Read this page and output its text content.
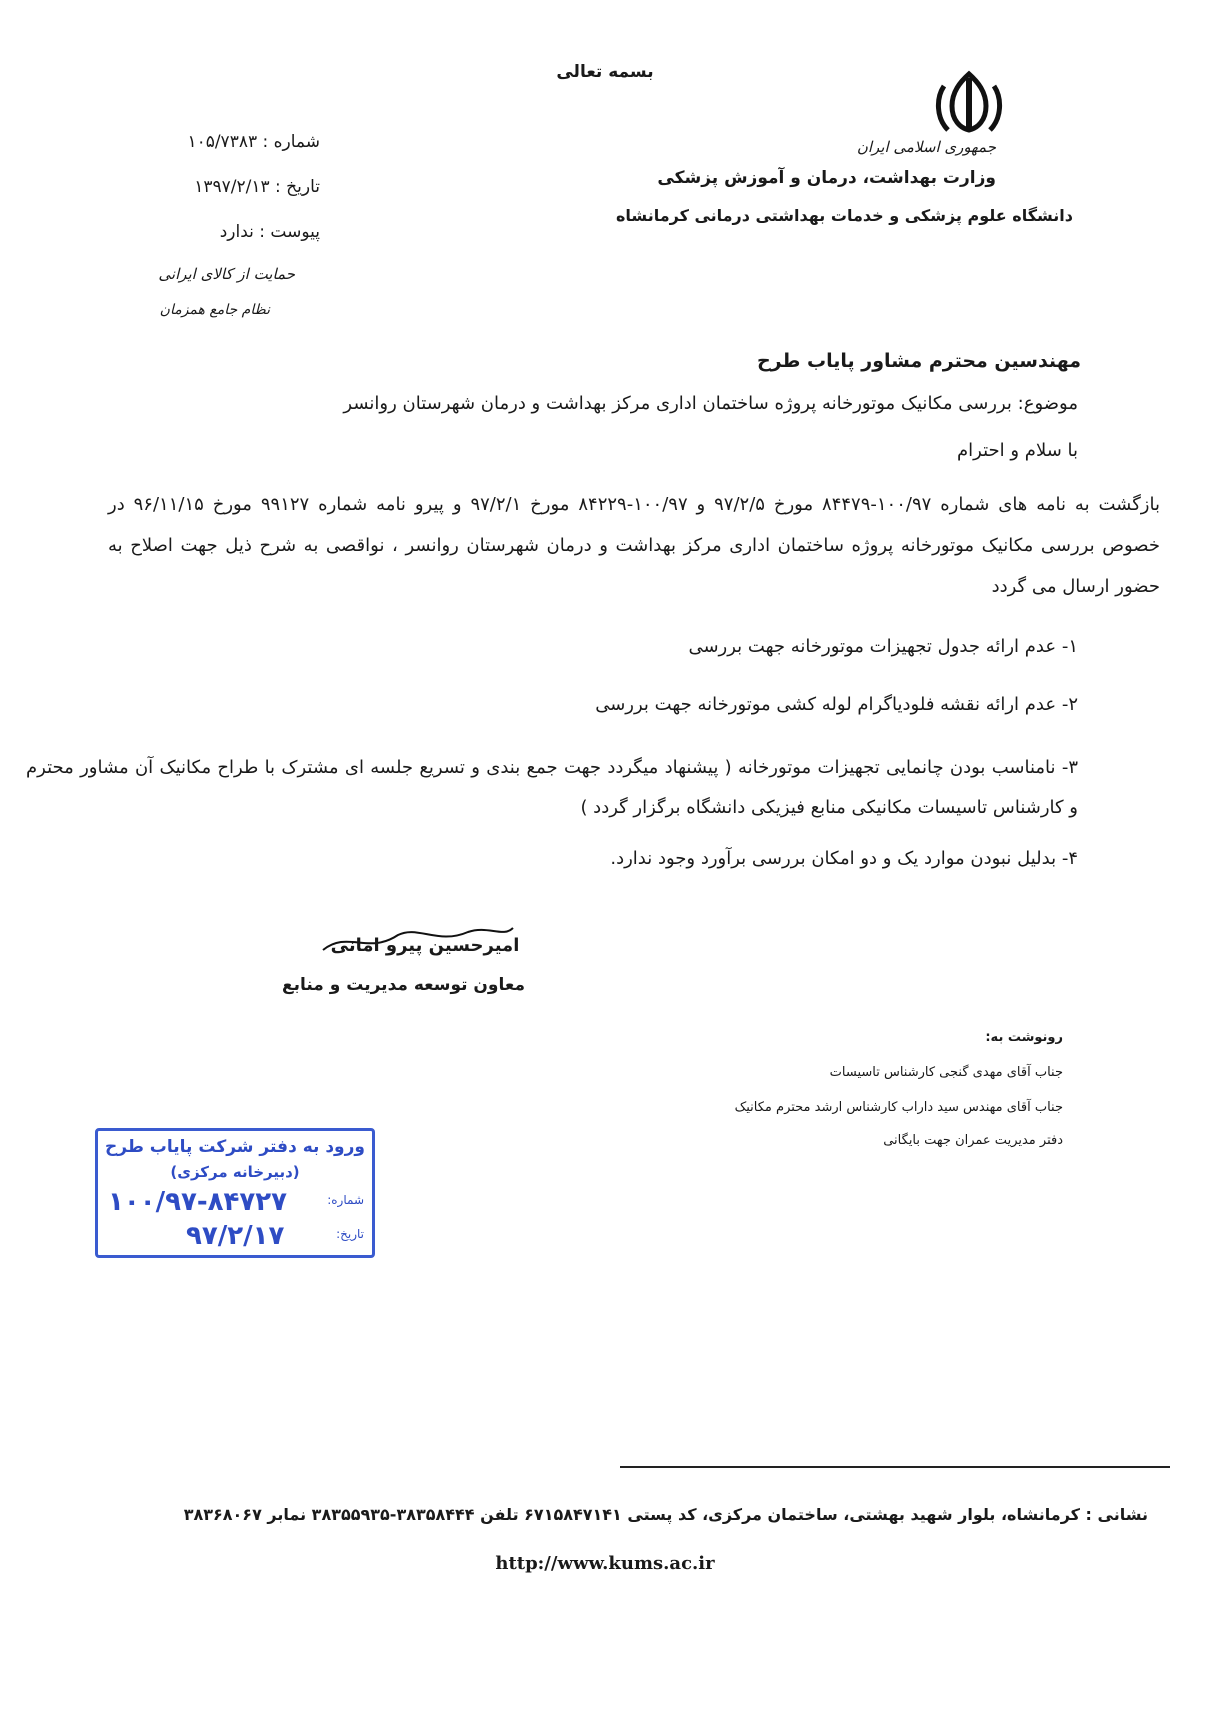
بسمه تعالی
جمهوری اسلامی ایران
وزارت بهداشت، درمان و آموزش پزشکی
دانشگاه علوم پزشکی و خدمات بهداشتی درمانی کرمانشاه
شماره : ۱۰۵/۷۳۸۳
تاریخ : ۱۳۹۷/۲/۱۳
پیوست : ندارد
حمایت از کالای ایرانی
نظام جامع همزمان
مهندسین محترم مشاور پایاب طرح
موضوع: بررسی مکانیک موتورخانه پروژه ساختمان اداری مرکز بهداشت و درمان شهرستان روانسر
با سلام و احترام
بازگشت به نامه های شماره ۱۰۰/۹۷-۸۴۴۷۹ مورخ ۹۷/۲/۵ و ۱۰۰/۹۷-۸۴۲۲۹ مورخ ۹۷/۲/۱ و پیرو نامه شماره ۹۹۱۲۷ مورخ ۹۶/۱۱/۱۵ در خصوص بررسی مکانیک موتورخانه پروژه ساختمان اداری مرکز بهداشت و درمان شهرستان روانسر ، نواقصی به شرح ذیل جهت اصلاح به حضور ارسال می گردد
۱- عدم ارائه جدول تجهیزات موتورخانه جهت بررسی
۲- عدم ارائه نقشه فلودیاگرام لوله کشی موتورخانه جهت بررسی
۳- نامناسب بودن چانمایی تجهیزات موتورخانه ( پیشنهاد میگردد جهت جمع بندی و تسریع جلسه ای مشترک با طراح مکانیک آن مشاور محترم و کارشناس تاسیسات مکانیکی منابع فیزیکی دانشگاه برگزار گردد )
۴- بدلیل نبودن موارد یک و دو امکان بررسی برآورد وجود ندارد.
امیرحسین پیرو امانی
معاون توسعه مدیریت و منابع
رونوشت به:
جناب آقای مهدی گنجی کارشناس تاسیسات
جناب آقای مهندس سید داراب کارشناس ارشد محترم مکانیک
دفتر مدیریت عمران جهت بایگانی
ورود به دفتر شرکت پایاب طرح
(دبیرخانه مرکزی)
شماره:
۱۰۰/۹۷-۸۴۷۲۷
تاریخ:
۹۷/۲/۱۷
نشانی : کرمانشاه، بلوار شهید بهشتی، ساختمان مرکزی، کد پستی ۶۷۱۵۸۴۷۱۴۱ تلفن ۳۸۳۵۸۴۴۴-۳۸۳۵۵۹۳۵ نمابر ۳۸۳۶۸۰۶۷
http://www.kums.ac.ir
